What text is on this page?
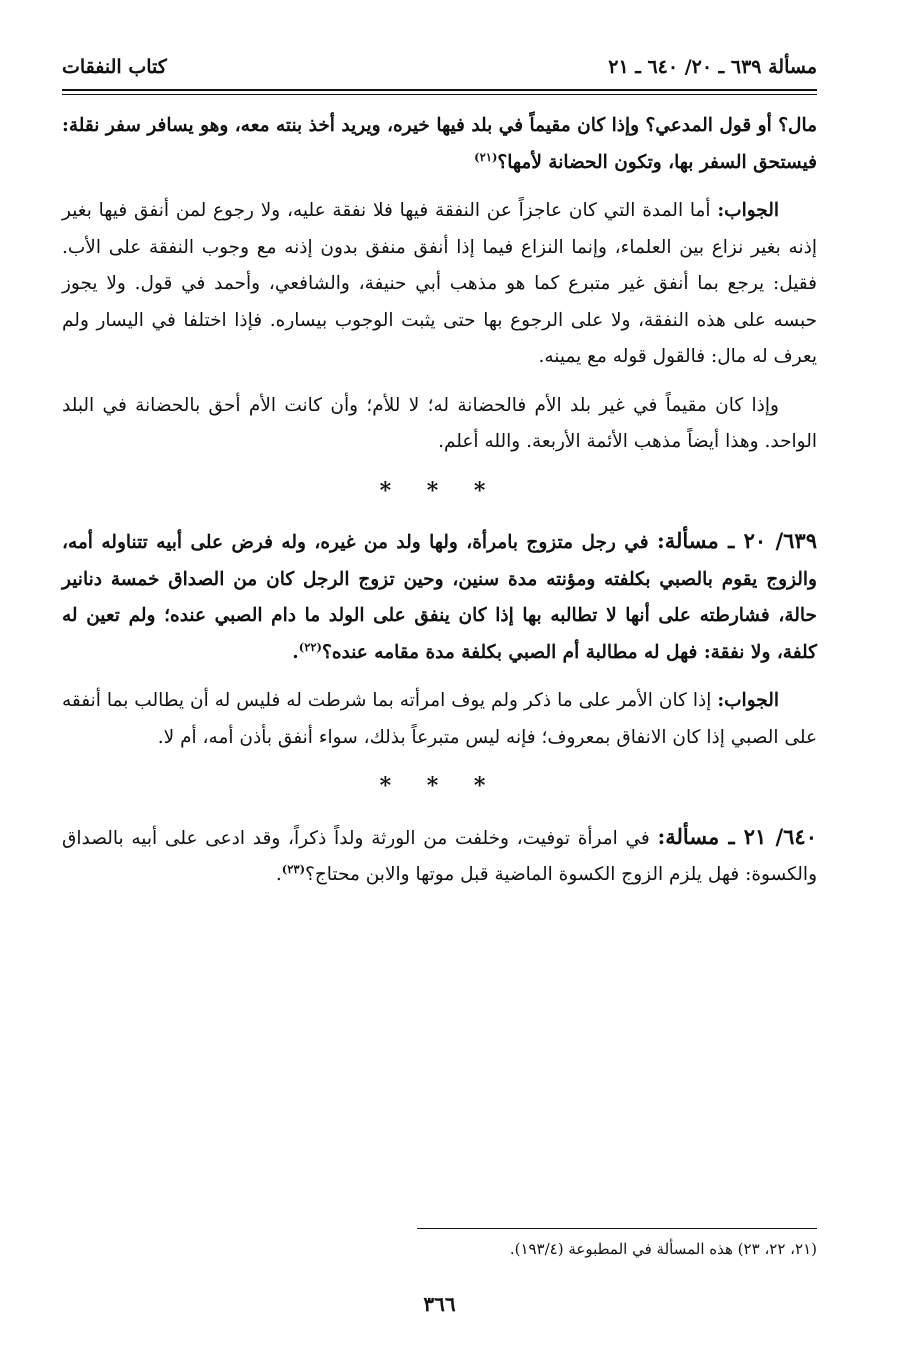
مسألة ٦٣٩ ـ ٢٠/ ٦٤٠ ـ ٢١
كتاب النفقات

مال؟ أو قول المدعي؟ وإذا كان مقيماً في بلد فيها خيره، ويريد أخذ بنته معه، وهو يسافر سفر نقلة: فيستحق السفر بها، وتكون الحضانة لأمها؟$^{(٢١)}$

الجواب: أما المدة التي كان عاجزاً عن النفقة فيها فلا نفقة عليه، ولا رجوع لمن أنفق فيها بغير إذنه بغير نزاع بين العلماء، وإنما النزاع فيما إذا أنفق منفق بدون إذنه مع وجوب النفقة على الأب. فقيل: يرجع بما أنفق غير متبرع كما هو مذهب أبي حنيفة، والشافعي، وأحمد في قول. ولا يجوز حبسه على هذه النفقة، ولا على الرجوع بها حتى يثبت الوجوب بيساره. فإذا اختلفا في اليسار ولم يعرف له مال: فالقول قوله مع يمينه.

وإذا كان مقيماً في غير بلد الأم فالحضانة له؛ لا للأم؛ وأن كانت الأم أحق بالحضانة في البلد الواحد. وهذا أيضاً مذهب الأئمة الأربعة. والله أعلم.

* * *

٦٣٩/ ٢٠ ـ مسألة: في رجل متزوج بامرأة، ولها ولد من غيره، وله فرض على أبيه تتناوله أمه، والزوج يقوم بالصبي بكلفته ومؤنته مدة سنين، وحين تزوج الرجل كان من الصداق خمسة دنانير حالة، فشارطته على أنها لا تطالبه بها إذا كان ينفق على الولد ما دام الصبي عنده؛ ولم تعين له كلفة، ولا نفقة: فهل له مطالبة أم الصبي بكلفة مدة مقامه عنده؟$^{(٢٢)}$.

الجواب: إذا كان الأمر على ما ذكر ولم يوف امرأته بما شرطت له فليس له أن يطالب بما أنفقه على الصبي إذا كان الانفاق بمعروف؛ فإنه ليس متبرعاً بذلك، سواء أنفق بأذن أمه، أم لا.

* * *

٦٤٠/ ٢١ ـ مسألة: في امرأة توفيت، وخلفت من الورثة ولداً ذكراً، وقد ادعى على أبيه بالصداق والكسوة: فهل يلزم الزوج الكسوة الماضية قبل موتها والابن محتاج؟$^{(٢٣)}$.

(٢١، ٢٢، ٢٣) هذه المسألة في المطبوعة (١٩٣/٤).
٣٦٦
